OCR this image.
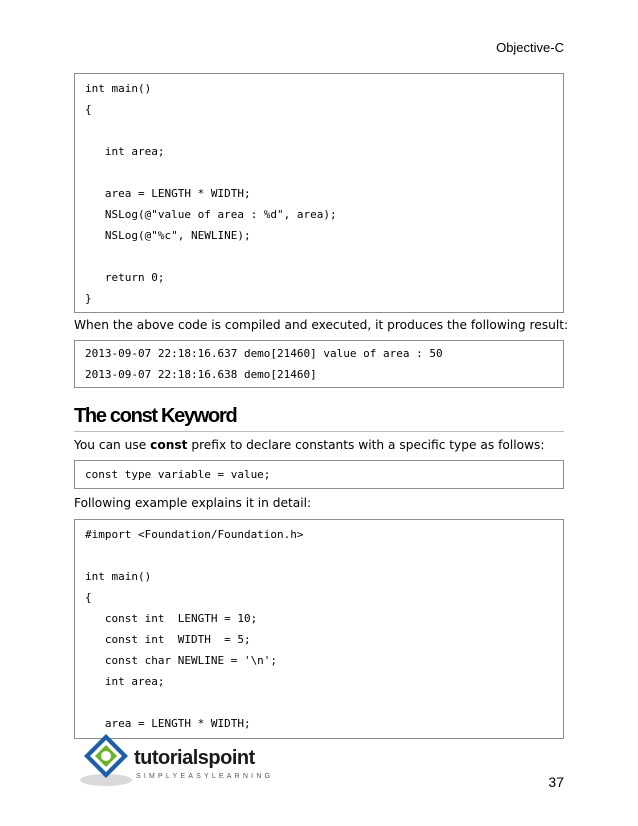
Objective-C
int main()
{
int area;
area = LENGTH * WIDTH;
NSLog(@"value of area : %d", area);
NSLog(@"%c", NEWLINE);
return 0;
}
When the above code is compiled and executed, it produces the following result:
2013-09-07 22:18:16.637 demo[21460] value of area : 50
2013-09-07 22:18:16.638 demo[21460]
The const Keyword
You can use const prefix to declare constants with a specific type as follows:
const type variable = value;
Following example explains it in detail:
#import <Foundation/Foundation.h>
int main()
{
const int  LENGTH = 10;
const int  WIDTH  = 5;
const char NEWLINE = '\n';
int area;
area = LENGTH * WIDTH;
tutorialspoint
SIMPLYEASYLEARNING	37
